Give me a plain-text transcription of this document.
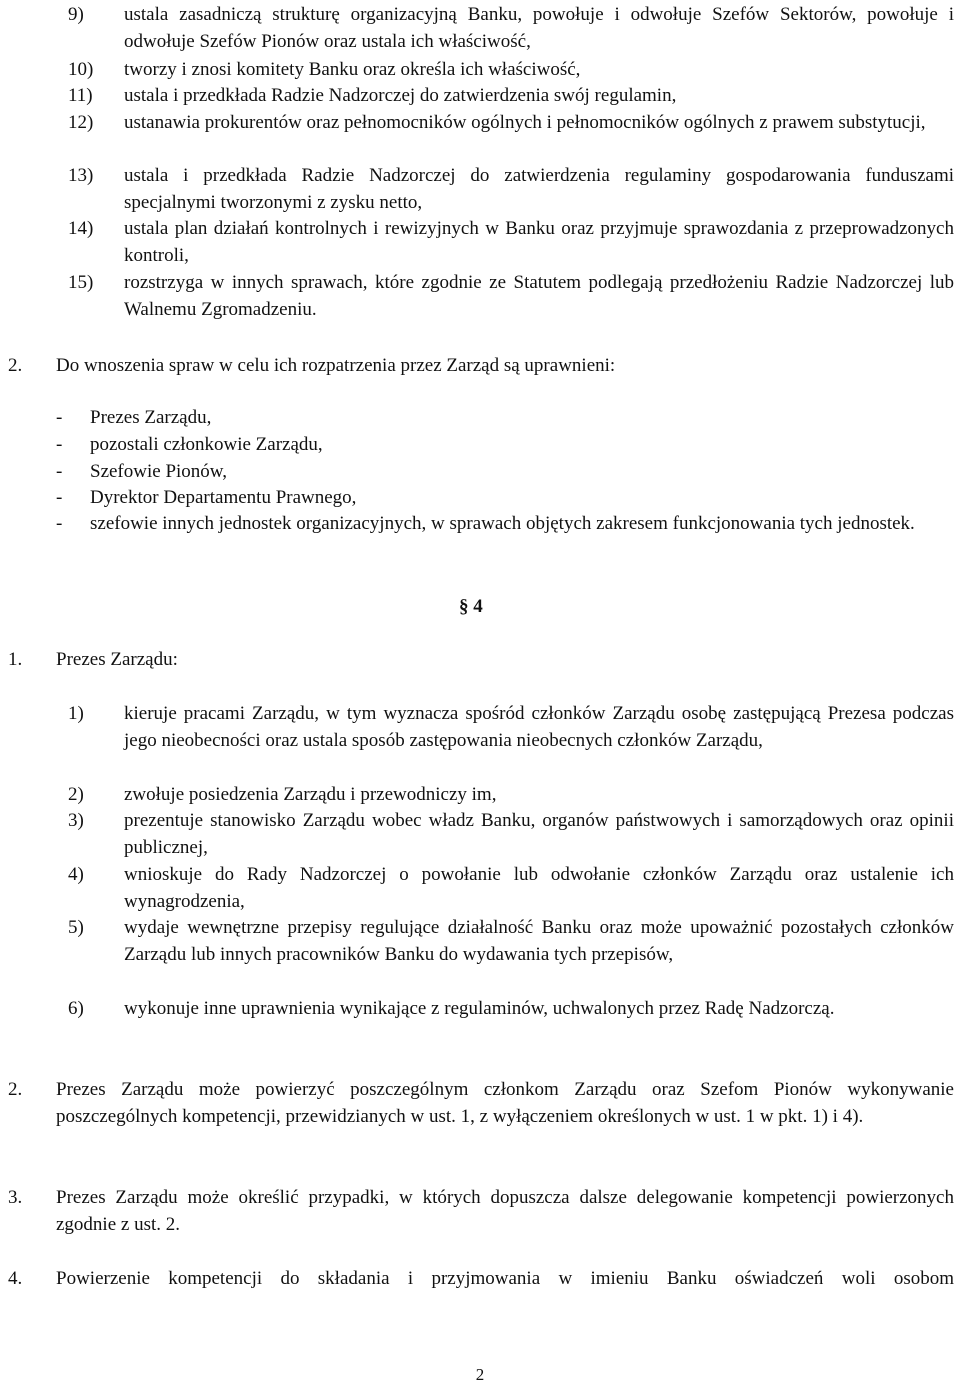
9) ustala zasadniczą strukturę organizacyjną Banku, powołuje i odwołuje Szefów Sektorów, powołuje i odwołuje Szefów Pionów oraz ustala ich właściwość,
10) tworzy i znosi komitety Banku oraz określa ich właściwość,
11) ustala i przedkłada Radzie Nadzorczej do zatwierdzenia swój regulamin,
12) ustanawia prokurentów oraz pełnomocników ogólnych i pełnomocników ogólnych z prawem substytucji,
13) ustala i przedkłada Radzie Nadzorczej do zatwierdzenia regulaminy gospodarowania funduszami specjalnymi tworzonymi z zysku netto,
14) ustala plan działań kontrolnych i rewizyjnych w Banku oraz przyjmuje sprawozdania z przeprowadzonych kontroli,
15) rozstrzyga w innych sprawach, które zgodnie ze Statutem podlegają przedłożeniu Radzie Nadzorczej lub Walnemu Zgromadzeniu.
2. Do wnoszenia spraw w celu ich rozpatrzenia przez Zarząd są uprawnieni:
- Prezes Zarządu,
- pozostali członkowie Zarządu,
- Szefowie Pionów,
- Dyrektor Departamentu Prawnego,
- szefowie innych jednostek organizacyjnych, w sprawach objętych zakresem funkcjonowania tych jednostek.
§ 4
1. Prezes Zarządu:
1) kieruje pracami Zarządu, w tym wyznacza spośród członków Zarządu osobę zastępującą Prezesa podczas jego nieobecności oraz ustala sposób zastępowania nieobecnych członków Zarządu,
2) zwołuje posiedzenia Zarządu i przewodniczy im,
3) prezentuje stanowisko Zarządu wobec władz Banku, organów państwowych i samorządowych oraz opinii publicznej,
4) wnioskuje do Rady Nadzorczej o powołanie lub odwołanie członków Zarządu oraz ustalenie ich wynagrodzenia,
5) wydaje wewnętrzne przepisy regulujące działalność Banku oraz może upoważnić pozostałych członków Zarządu lub innych pracowników Banku do wydawania tych przepisów,
6) wykonuje inne uprawnienia wynikające z regulaminów, uchwalonych przez Radę Nadzorczą.
2. Prezes Zarządu może powierzyć poszczególnym członkom Zarządu oraz Szefom Pionów wykonywanie poszczególnych kompetencji, przewidzianych w ust. 1, z wyłączeniem określonych w ust. 1 w pkt. 1) i 4).
3. Prezes Zarządu może określić przypadki, w których dopuszcza dalsze delegowanie kompetencji powierzonych zgodnie z ust. 2.
4. Powierzenie kompetencji do składania i przyjmowania w imieniu Banku oświadczeń woli osobom
2
